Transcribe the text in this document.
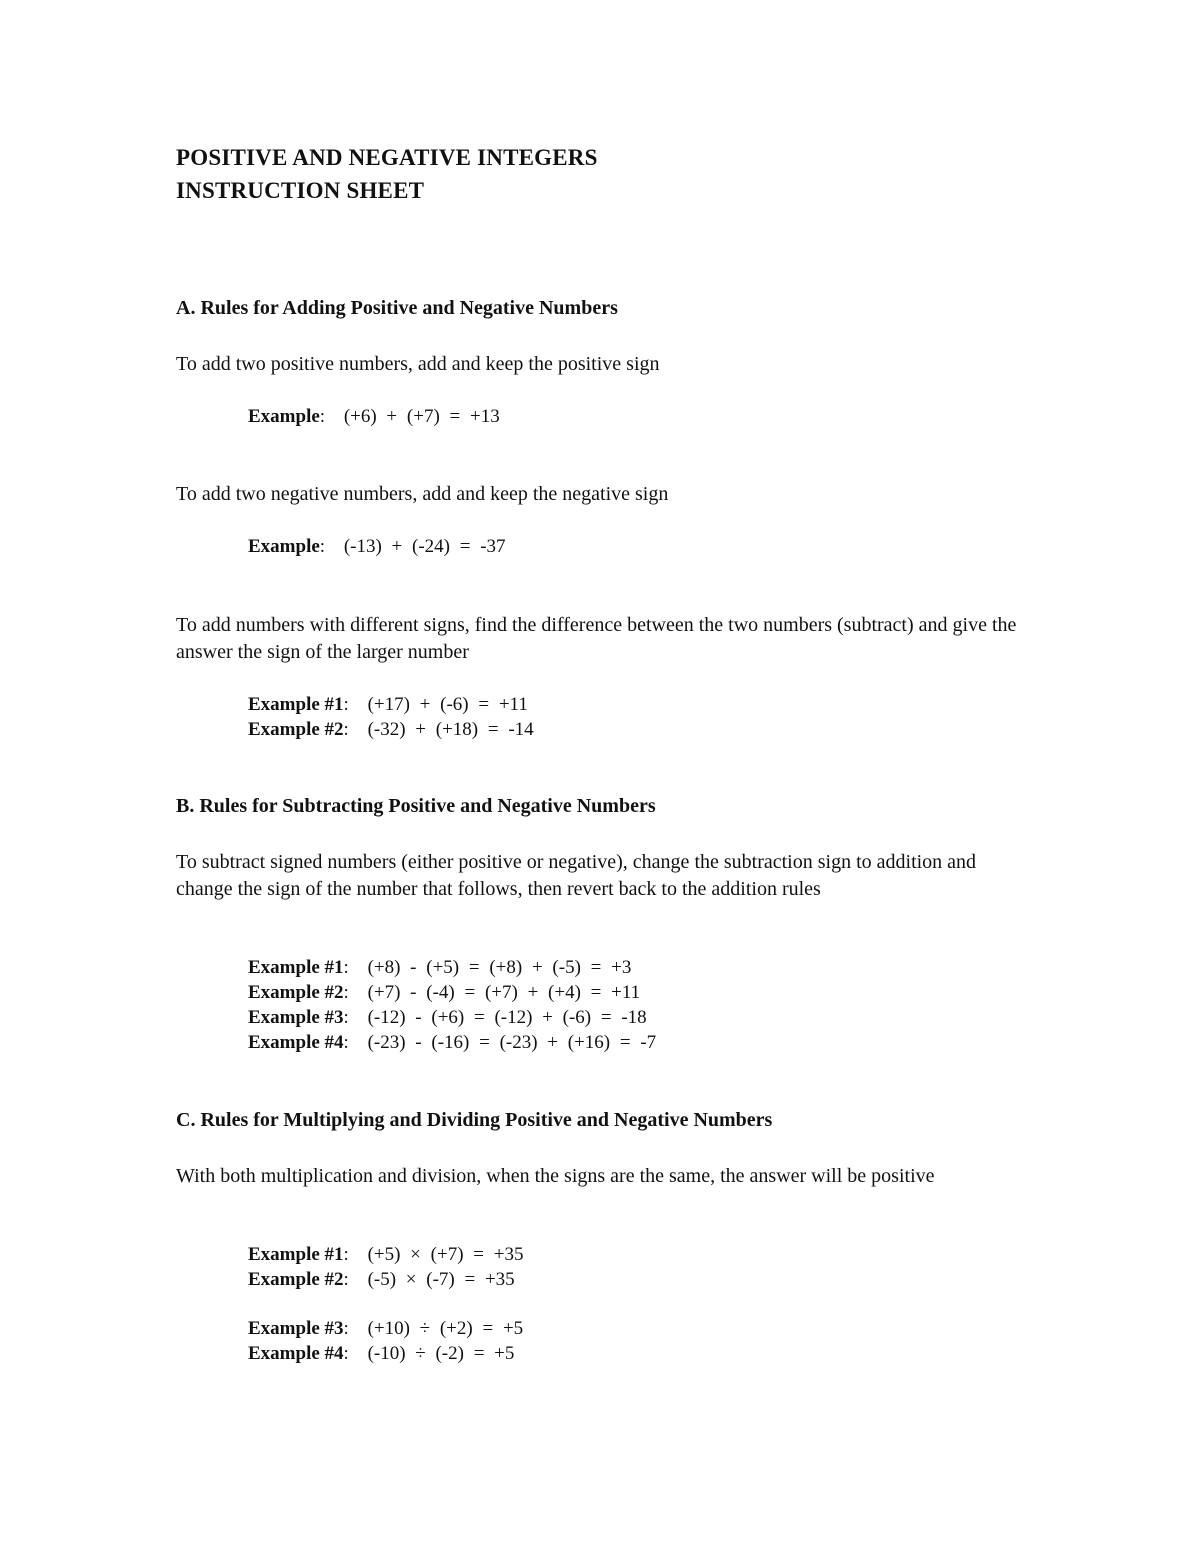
POSITIVE AND NEGATIVE INTEGERS
INSTRUCTION SHEET
A. Rules for Adding Positive and Negative Numbers
To add two positive numbers, add and keep the positive sign
Example: (+6) + (+7) = +13
To add two negative numbers, add and keep the negative sign
Example: (-13) + (-24) = -37
To add numbers with different signs, find the difference between the two numbers (subtract) and give the answer the sign of the larger number
Example #1: (+17) + (-6) = +11
Example #2: (-32) + (+18) = -14
B. Rules for Subtracting Positive and Negative Numbers
To subtract signed numbers (either positive or negative), change the subtraction sign to addition and change the sign of the number that follows, then revert back to the addition rules
Example #1: (+8) - (+5) = (+8) + (-5) = +3
Example #2: (+7) - (-4) = (+7) + (+4) = +11
Example #3: (-12) - (+6) = (-12) + (-6) = -18
Example #4: (-23) - (-16) = (-23) + (+16) = -7
C. Rules for Multiplying and Dividing Positive and Negative Numbers
With both multiplication and division, when the signs are the same, the answer will be positive
Example #1: (+5) × (+7) = +35
Example #2: (-5) × (-7) = +35
Example #3: (+10) ÷ (+2) = +5
Example #4: (-10) ÷ (-2) = +5
